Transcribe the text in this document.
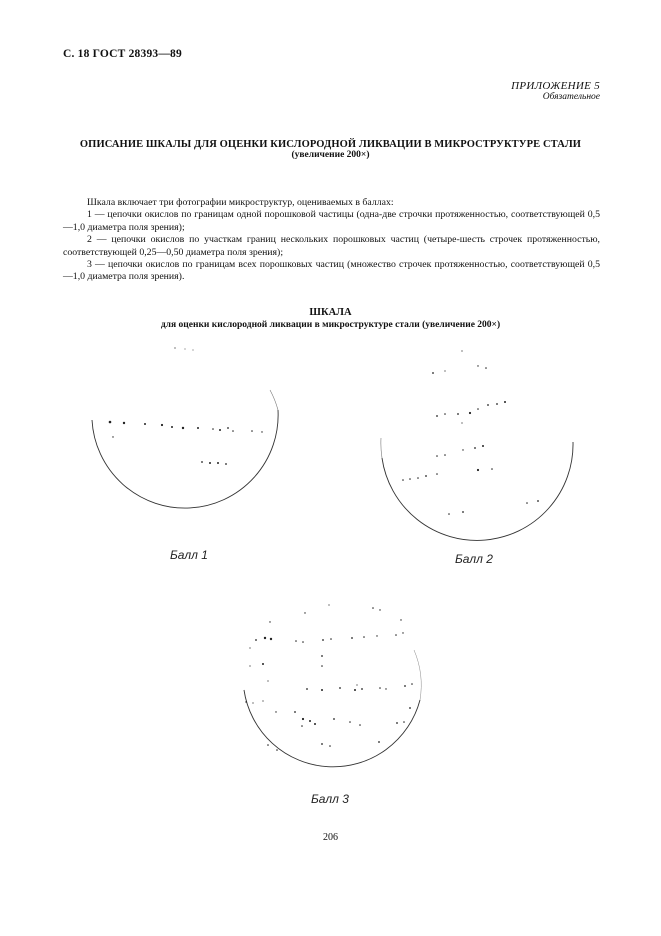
С. 18 ГОСТ 28393—89
ПРИЛОЖЕНИЕ 5
Обязательное
ОПИСАНИЕ ШКАЛЫ ДЛЯ ОЦЕНКИ КИСЛОРОДНОЙ ЛИКВАЦИИ В МИКРОСТРУКТУРЕ СТАЛИ
(увеличение 200×)

Шкала включает три фотографии микроструктур, оцениваемых в баллах:

1 — цепочки окислов по границам одной порошковой частицы (одна-две строчки протяженностью, соответствующей 0,5—1,0 диаметра поля зрения);

2 — цепочки окислов по участкам границ нескольких порошковых частиц (четыре-шесть строчек протяженностью, соответствующей 0,25—0,50 диаметра поля зрения);

3 — цепочки окислов по границам всех порошковых частиц (множество строчек протяженностью, соответствующей 0,5—1,0 диаметра поля зрения).

ШКАЛА
для оценки кислородной ликвации в микроструктуре стали (увеличение 200×)
Балл 1	Балл 2
Балл 3
206
